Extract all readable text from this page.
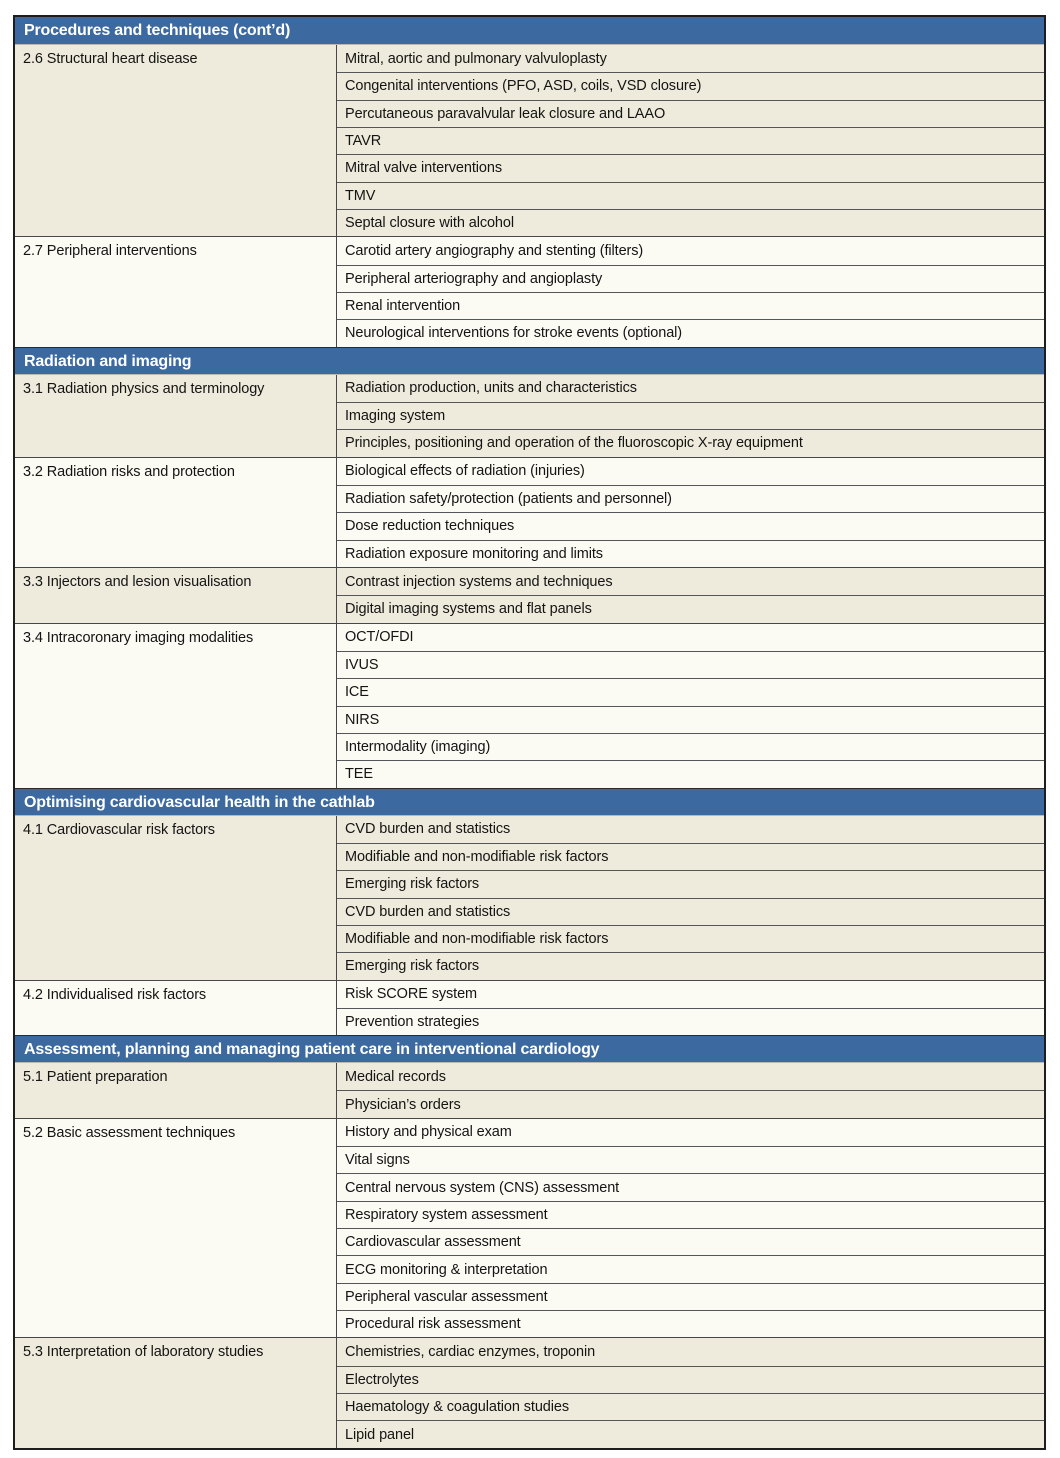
Procedures and techniques (cont’d)
2.6 Structural heart disease	Mitral, aortic and pulmonary valvuloplasty
Congenital interventions (PFO, ASD, coils, VSD closure)
Percutaneous paravalvular leak closure and LAAO
TAVR
Mitral valve interventions
TMV
Septal closure with alcohol
2.7 Peripheral interventions	Carotid artery angiography and stenting (filters)
Peripheral arteriography and angioplasty
Renal intervention
Neurological interventions for stroke events (optional)
Radiation and imaging
3.1 Radiation physics and terminology	Radiation production, units and characteristics
Imaging system
Principles, positioning and operation of the fluoroscopic X-ray equipment
3.2 Radiation risks and protection	Biological effects of radiation (injuries)
Radiation safety/protection (patients and personnel)
Dose reduction techniques
Radiation exposure monitoring and limits
3.3 Injectors and lesion visualisation	Contrast injection systems and techniques
Digital imaging systems and flat panels
3.4 Intracoronary imaging modalities	OCT/OFDI
IVUS
ICE
NIRS
Intermodality (imaging)
TEE
Optimising cardiovascular health in the cathlab
4.1 Cardiovascular risk factors	CVD burden and statistics
Modifiable and non-modifiable risk factors
Emerging risk factors
CVD burden and statistics
Modifiable and non-modifiable risk factors
Emerging risk factors
4.2 Individualised risk factors	Risk SCORE system
Prevention strategies
Assessment, planning and managing patient care in interventional cardiology
5.1 Patient preparation	Medical records
Physician’s orders
5.2 Basic assessment techniques	History and physical exam
Vital signs
Central nervous system (CNS) assessment
Respiratory system assessment
Cardiovascular assessment
ECG monitoring & interpretation
Peripheral vascular assessment
Procedural risk assessment
5.3 Interpretation of laboratory studies	Chemistries, cardiac enzymes, troponin
Electrolytes
Haematology & coagulation studies
Lipid panel
